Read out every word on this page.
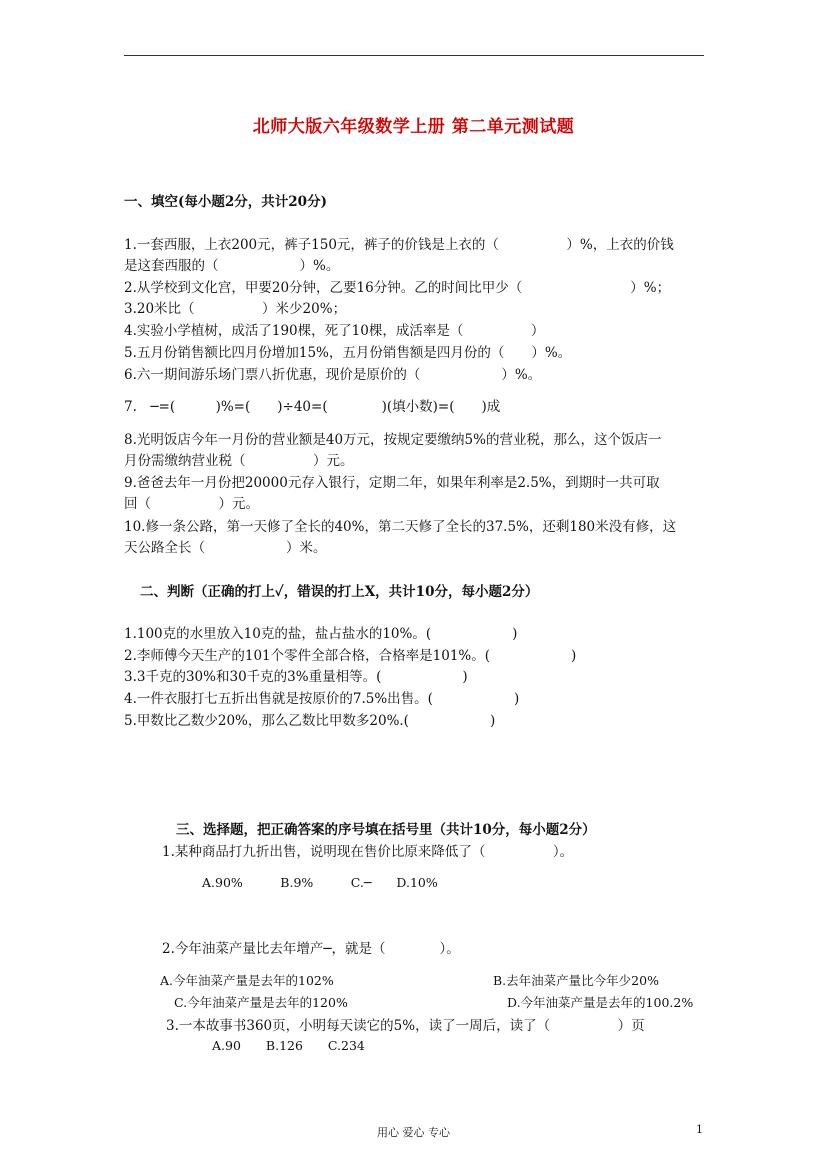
北师大版六年级数学上册 第二单元测试题
一、填空(每小题2分，共计20分)
1.一套西服，上衣200元，裤子150元，裤子的价钱是上衣的（　　　　　）%，上衣的价钱
是这套西服的（　　　　　　）%。
2.从学校到文化宫，甲要20分钟，乙要16分钟。乙的时间比甲少（　　　　　　　　）%；
3.20米比（　　　　　）米少20%；
4.实验小学植树，成活了190棵，死了10棵，成活率是（　　　　　）
5.五月份销售额比四月份增加15%，五月份销售额是四月份的（　　）%。
6.六一期间游乐场门票八折优惠，现价是原价的（　　　　　　）%。
7.　─=(　　　)%=(　　)÷40=(　　　　)(填小数)=(　　)成
8.光明饭店今年一月份的营业额是40万元，按规定要缴纳5%的营业税，那么，这个饭店一
月份需缴纳营业税（　　　　　）元。
9.爸爸去年一月份把20000元存入银行，定期二年，如果年利率是2.5%，到期时一共可取
回（　　　　　）元。
10.修一条公路，第一天修了全长的40%，第二天修了全长的37.5%，还剩180米没有修，这
天公路全长（　　　　　　）米。
二、判断（正确的打上✓，错误的打上X，共计10分，每小题2分）
1.100克的水里放入10克的盐，盐占盐水的10%。(　　　　　　)
2.李师傅今天生产的101个零件全部合格，合格率是101%。(　　　　　　)
3.3千克的30%和30千克的3%重量相等。(　　　　　　)
4.一件衣服打七五折出售就是按原价的7.5%出售。(　　　　　　)
5.甲数比乙数少20%，那么乙数比甲数多20%.(　　　　　　)
三、选择题，把正确答案的序号填在括号里（共计10分，每小题2分）
1.某种商品打九折出售，说明现在售价比原来降低了（　　　　　）。
A.90%　　　B.9%　　　C.─　　D.10%
2.今年油菜产量比去年增产─，就是（　　　　）。
A.今年油菜产量是去年的102%	B.去年油菜产量比今年少20%
C.今年油菜产量是去年的120%	D.今年油菜产量是去年的100.2%
3.一本故事书360页，小明每天读它的5%，读了一周后，读了（　　　　　）页
A.90　　B.126　　C.234
用心 爱心 专心	1
